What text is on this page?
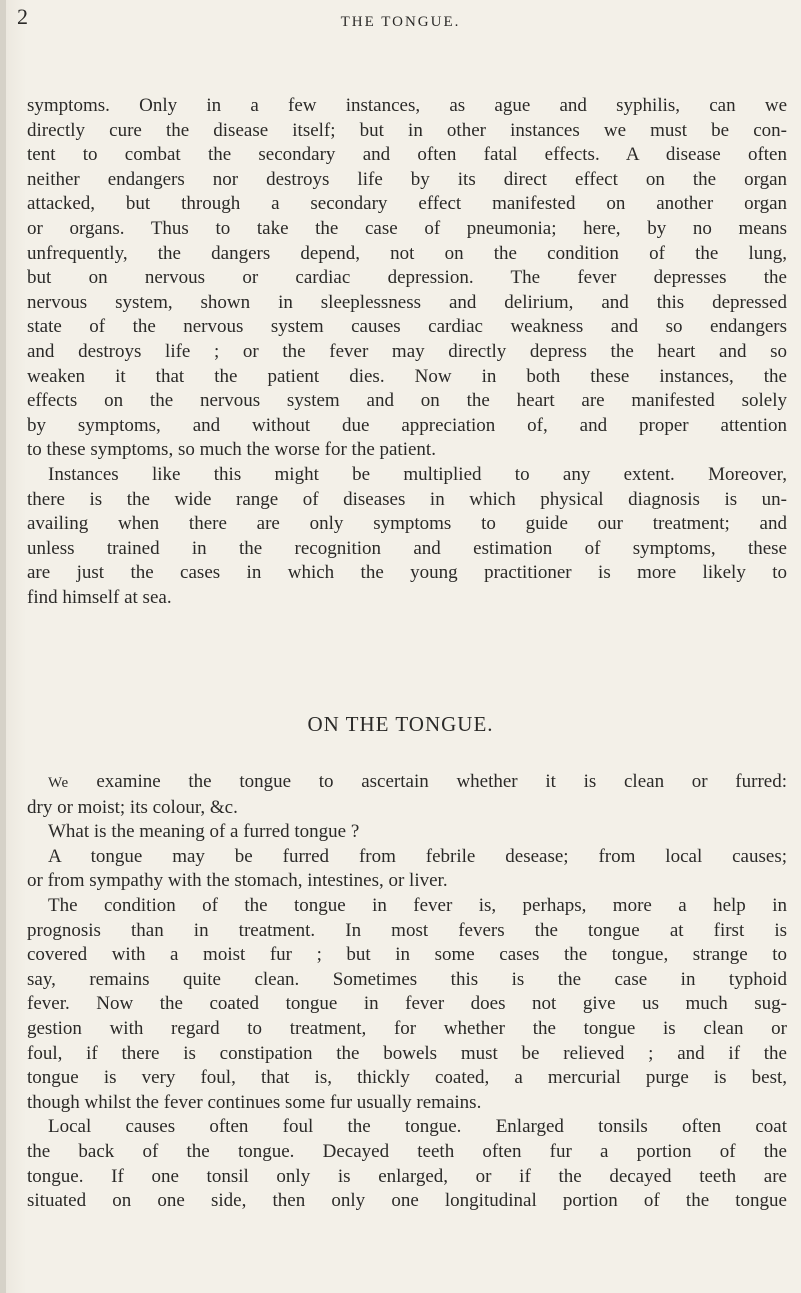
2	THE TONGUE.
symptoms. Only in a few instances, as ague and syphilis, can we
directly cure the disease itself; but in other instances we must be con-
tent to combat the secondary and often fatal effects. A disease often
neither endangers nor destroys life by its direct effect on the organ
attacked, but through a secondary effect manifested on another organ
or organs. Thus to take the case of pneumonia; here, by no means
unfrequently, the dangers depend, not on the condition of the lung,
but on nervous or cardiac depression. The fever depresses the
nervous system, shown in sleeplessness and delirium, and this depressed
state of the nervous system causes cardiac weakness and so endangers
and destroys life ; or the fever may directly depress the heart and so
weaken it that the patient dies. Now in both these instances, the
effects on the nervous system and on the heart are manifested solely
by symptoms, and without due appreciation of, and proper attention
to these symptoms, so much the worse for the patient.
Instances like this might be multiplied to any extent. Moreover,
there is the wide range of diseases in which physical diagnosis is un-
availing when there are only symptoms to guide our treatment; and
unless trained in the recognition and estimation of symptoms, these
are just the cases in which the young practitioner is more likely to
find himself at sea.
ON THE TONGUE.
We examine the tongue to ascertain whether it is clean or furred:
dry or moist; its colour, &c.
What is the meaning of a furred tongue ?
A tongue may be furred from febrile desease; from local causes;
or from sympathy with the stomach, intestines, or liver.
The condition of the tongue in fever is, perhaps, more a help in
prognosis than in treatment. In most fevers the tongue at first is
covered with a moist fur ; but in some cases the tongue, strange to
say, remains quite clean. Sometimes this is the case in typhoid
fever. Now the coated tongue in fever does not give us much sug-
gestion with regard to treatment, for whether the tongue is clean or
foul, if there is constipation the bowels must be relieved ; and if the
tongue is very foul, that is, thickly coated, a mercurial purge is best,
though whilst the fever continues some fur usually remains.
Local causes often foul the tongue. Enlarged tonsils often coat
the back of the tongue. Decayed teeth often fur a portion of the
tongue. If one tonsil only is enlarged, or if the decayed teeth are
situated on one side, then only one longitudinal portion of the tongue
